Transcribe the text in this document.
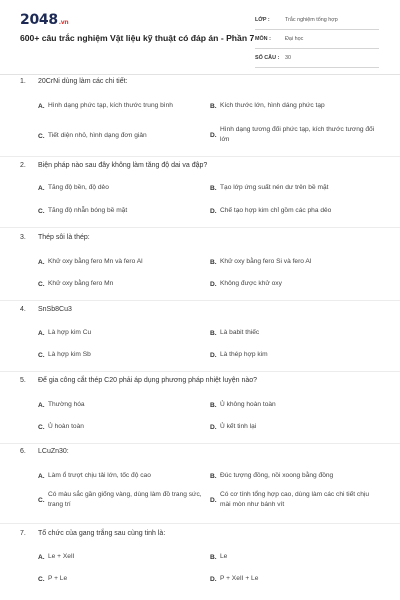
2048.vn
600+ câu trắc nghiệm Vật liệu kỹ thuật có đáp án - Phần 7
LỚP :	Trắc nghiệm tổng hợp
MÔN :	Đại học
SỐ CÂU : 30
1. 20CrNi dùng làm các chi tiết:
A. Hình dạng phức tạp, kích thước trung bình	B. Kích thước lớn, hình dáng phức tạp
C. Tiết diện nhỏ, hình dạng đơn giản	D.
Hình dạng tương đối phức tạp, kích thước tương đối lớn
2. Biện pháp nào sau đây không làm tăng độ dai va đập?
A. Tăng độ bền, độ dẻo	B. Tạo lớp ứng suất nén dư trên bề mặt
C. Tăng độ nhẵn bóng bề mặt	D. Chế tạo hợp kim chỉ gồm các pha dẻo
3. Thép sôi là thép:
A. Khử oxy bằng fero Mn và fero Al	B. Khử oxy bằng fero Si và fero Al
C. Khử oxy bằng fero Mn	D. Không được khử oxy
4. SnSb8Cu3
A. Là hợp kim Cu	B. Là babit thiếc
C. Là hợp kim Sb	D. Là thép hợp kim
5. Để gia công cắt thép C20 phải áp dụng phương pháp nhiệt luyện nào?
A. Thường hóa	B. Ủ không hoàn toàn
C. Ủ hoàn toàn	D. Ủ kết tinh lại
6. LCuZn30:
A. Làm ổ trượt chịu tải lớn, tốc độ cao	B. Đúc tượng đồng, nồi xoong bằng đồng
C.
Có màu sắc gần giống vàng, dùng làm đồ trang sức, trang trí
D.
Có cơ tính tổng hợp cao, dùng làm các chi tiết chịu mài mòn như bánh vít
7. Tổ chức của gang trắng sau cùng tinh là:
A. Le + XeII	B. Le
C. P + Le	D. P + XeII + Le
